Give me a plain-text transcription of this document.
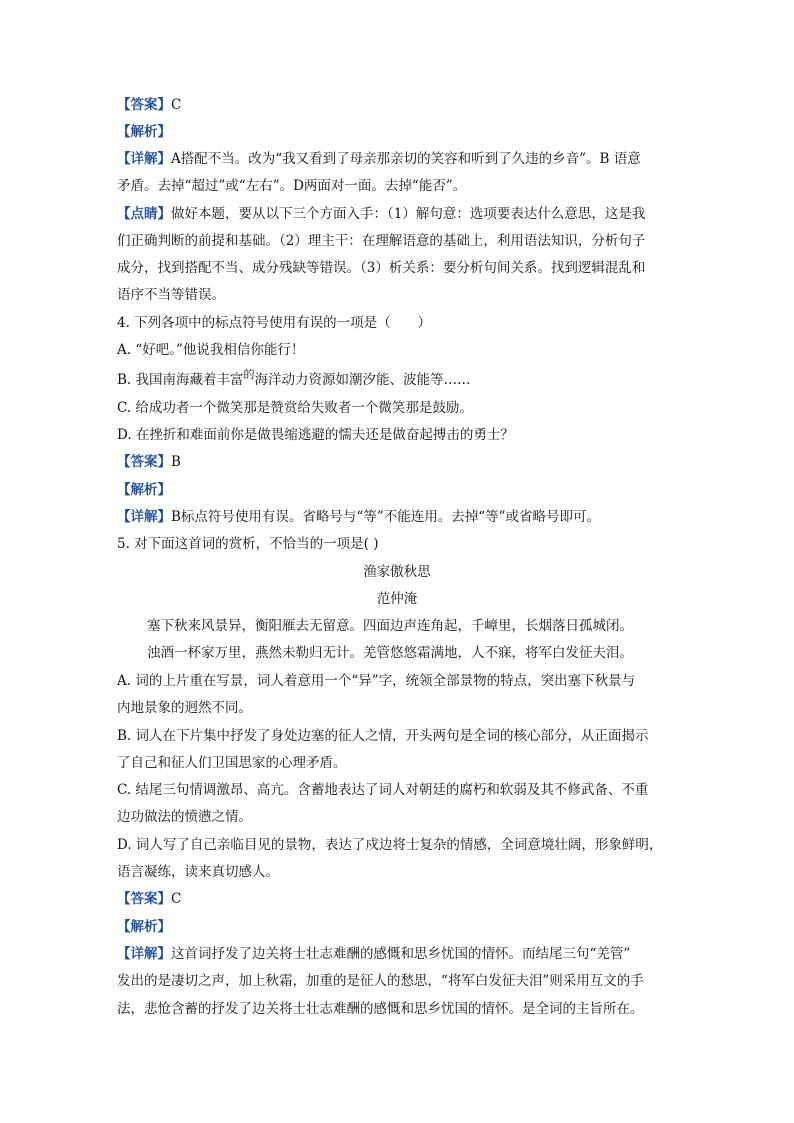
【答案】C
【解析】
【详解】A搭配不当。改为“我又看到了母亲那亲切的笑容和听到了久违的乡音”。B 语意
矛盾。去掉“超过”或“左右”。D两面对一面。去掉“能否”。
【点睛】做好本题，要从以下三个方面入手：（1）解句意：选项要表达什么意思，这是我
们正确判断的前提和基础。（2）理主干：在理解语意的基础上，利用语法知识，分析句子
成分，找到搭配不当、成分残缺等错误。（3）析关系：要分析句间关系。找到逻辑混乱和
语序不当等错误。
4. 下列各项中的标点符号使用有误的一项是（　　）
A. “好吧。”他说我相信你能行！
B. 我国南海藏着丰富$^的$海洋动力资源如潮汐能、波能等……
C. 给成功者一个微笑那是赞赏给失败者一个微笑那是鼓励。
D. 在挫折和难面前你是做畏缩逃避的懦夫还是做奋起搏击的勇士？
【答案】B
【解析】
【详解】B标点符号使用有误。省略号与“等”不能连用。去掉“等”或省略号即可。
5. 对下面这首词的赏析，不恰当的一项是( )
渔家傲秋思
范仲淹
塞下秋来风景异，衡阳雁去无留意。四面边声连角起，千嶂里，长烟落日孤城闭。
浊酒一杯家万里，燕然未勒归无计。羌管悠悠霜满地，人不寐，将军白发征夫泪。
A. 词的上片重在写景，词人着意用一个“异”字，统领全部景物的特点，突出塞下秋景与
内地景象的迥然不同。
B. 词人在下片集中抒发了身处边塞的征人之情，开头两句是全词的核心部分，从正面揭示
了自己和征人们卫国思家的心理矛盾。
C. 结尾三句情调激昂、高亢。含蓄地表达了词人对朝廷的腐朽和软弱及其不修武备、不重
边功做法的愤懑之情。
D. 词人写了自己亲临目见的景物，表达了戍边将士复杂的情感，全词意境壮阔，形象鲜明，
语言凝练，读来真切感人。
【答案】C
【解析】
【详解】这首词抒发了边关将士壮志难酬的感慨和思乡忧国的情怀。而结尾三句“羌管”
发出的是凄切之声，加上秋霜，加重的是征人的愁思，“将军白发征夫泪”则采用互文的手
法，悲怆含蓄的抒发了边关将士壮志难酬的感慨和思乡忧国的情怀。是全词的主旨所在。
